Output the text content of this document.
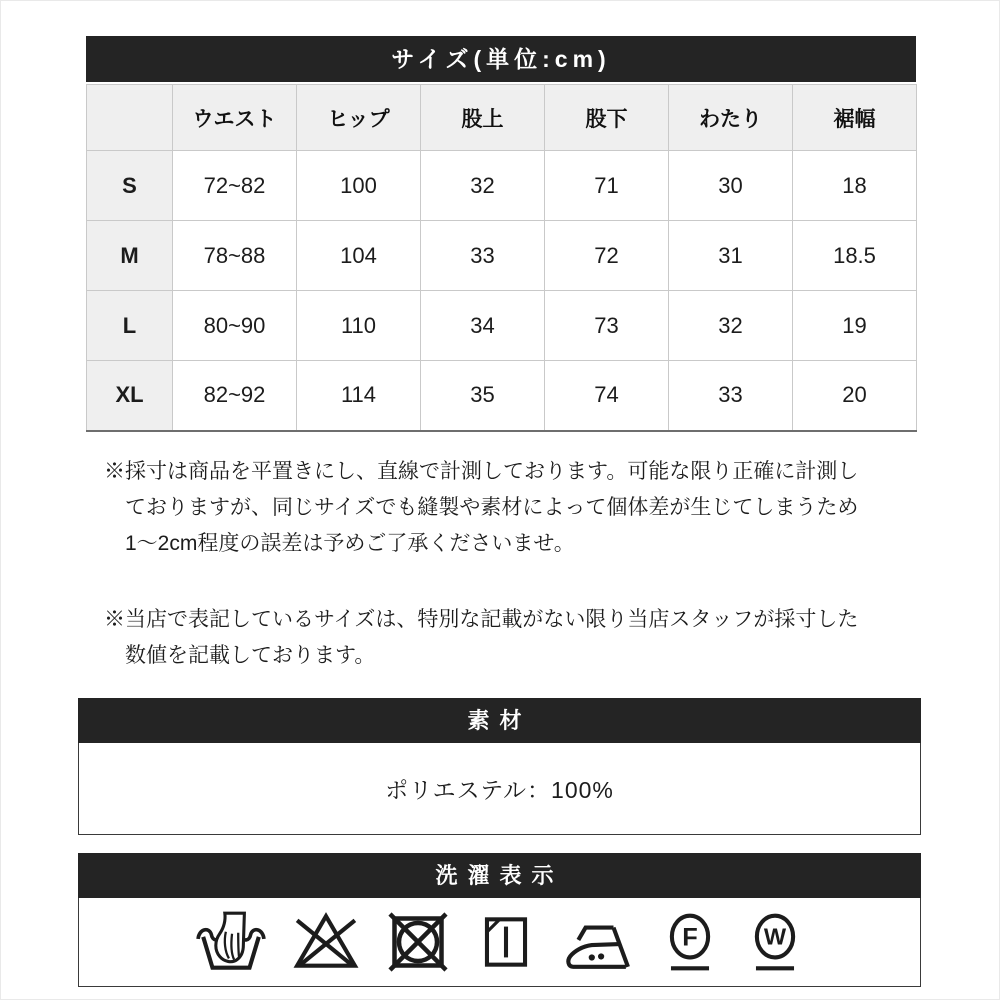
サイズ(単位:cm)
	ウエスト	ヒップ	股上	股下	わたり	裾幅
S	72~82	100	32	71	30	18
M	78~88	104	33	72	31	18.5
L	80~90	110	34	73	32	19
XL	82~92	114	35	74	33	20
※採寸は商品を平置きにし、直線で計測しております。可能な限り正確に計測し
ておりますが、同じサイズでも縫製や素材によって個体差が生じてしまうため
1〜2cm程度の誤差は予めご了承くださいませ。
※当店で表記しているサイズは、特別な記載がない限り当店スタッフが採寸した
数値を記載しております。
素材
ポリエステル：100%
洗濯表示
F	W
